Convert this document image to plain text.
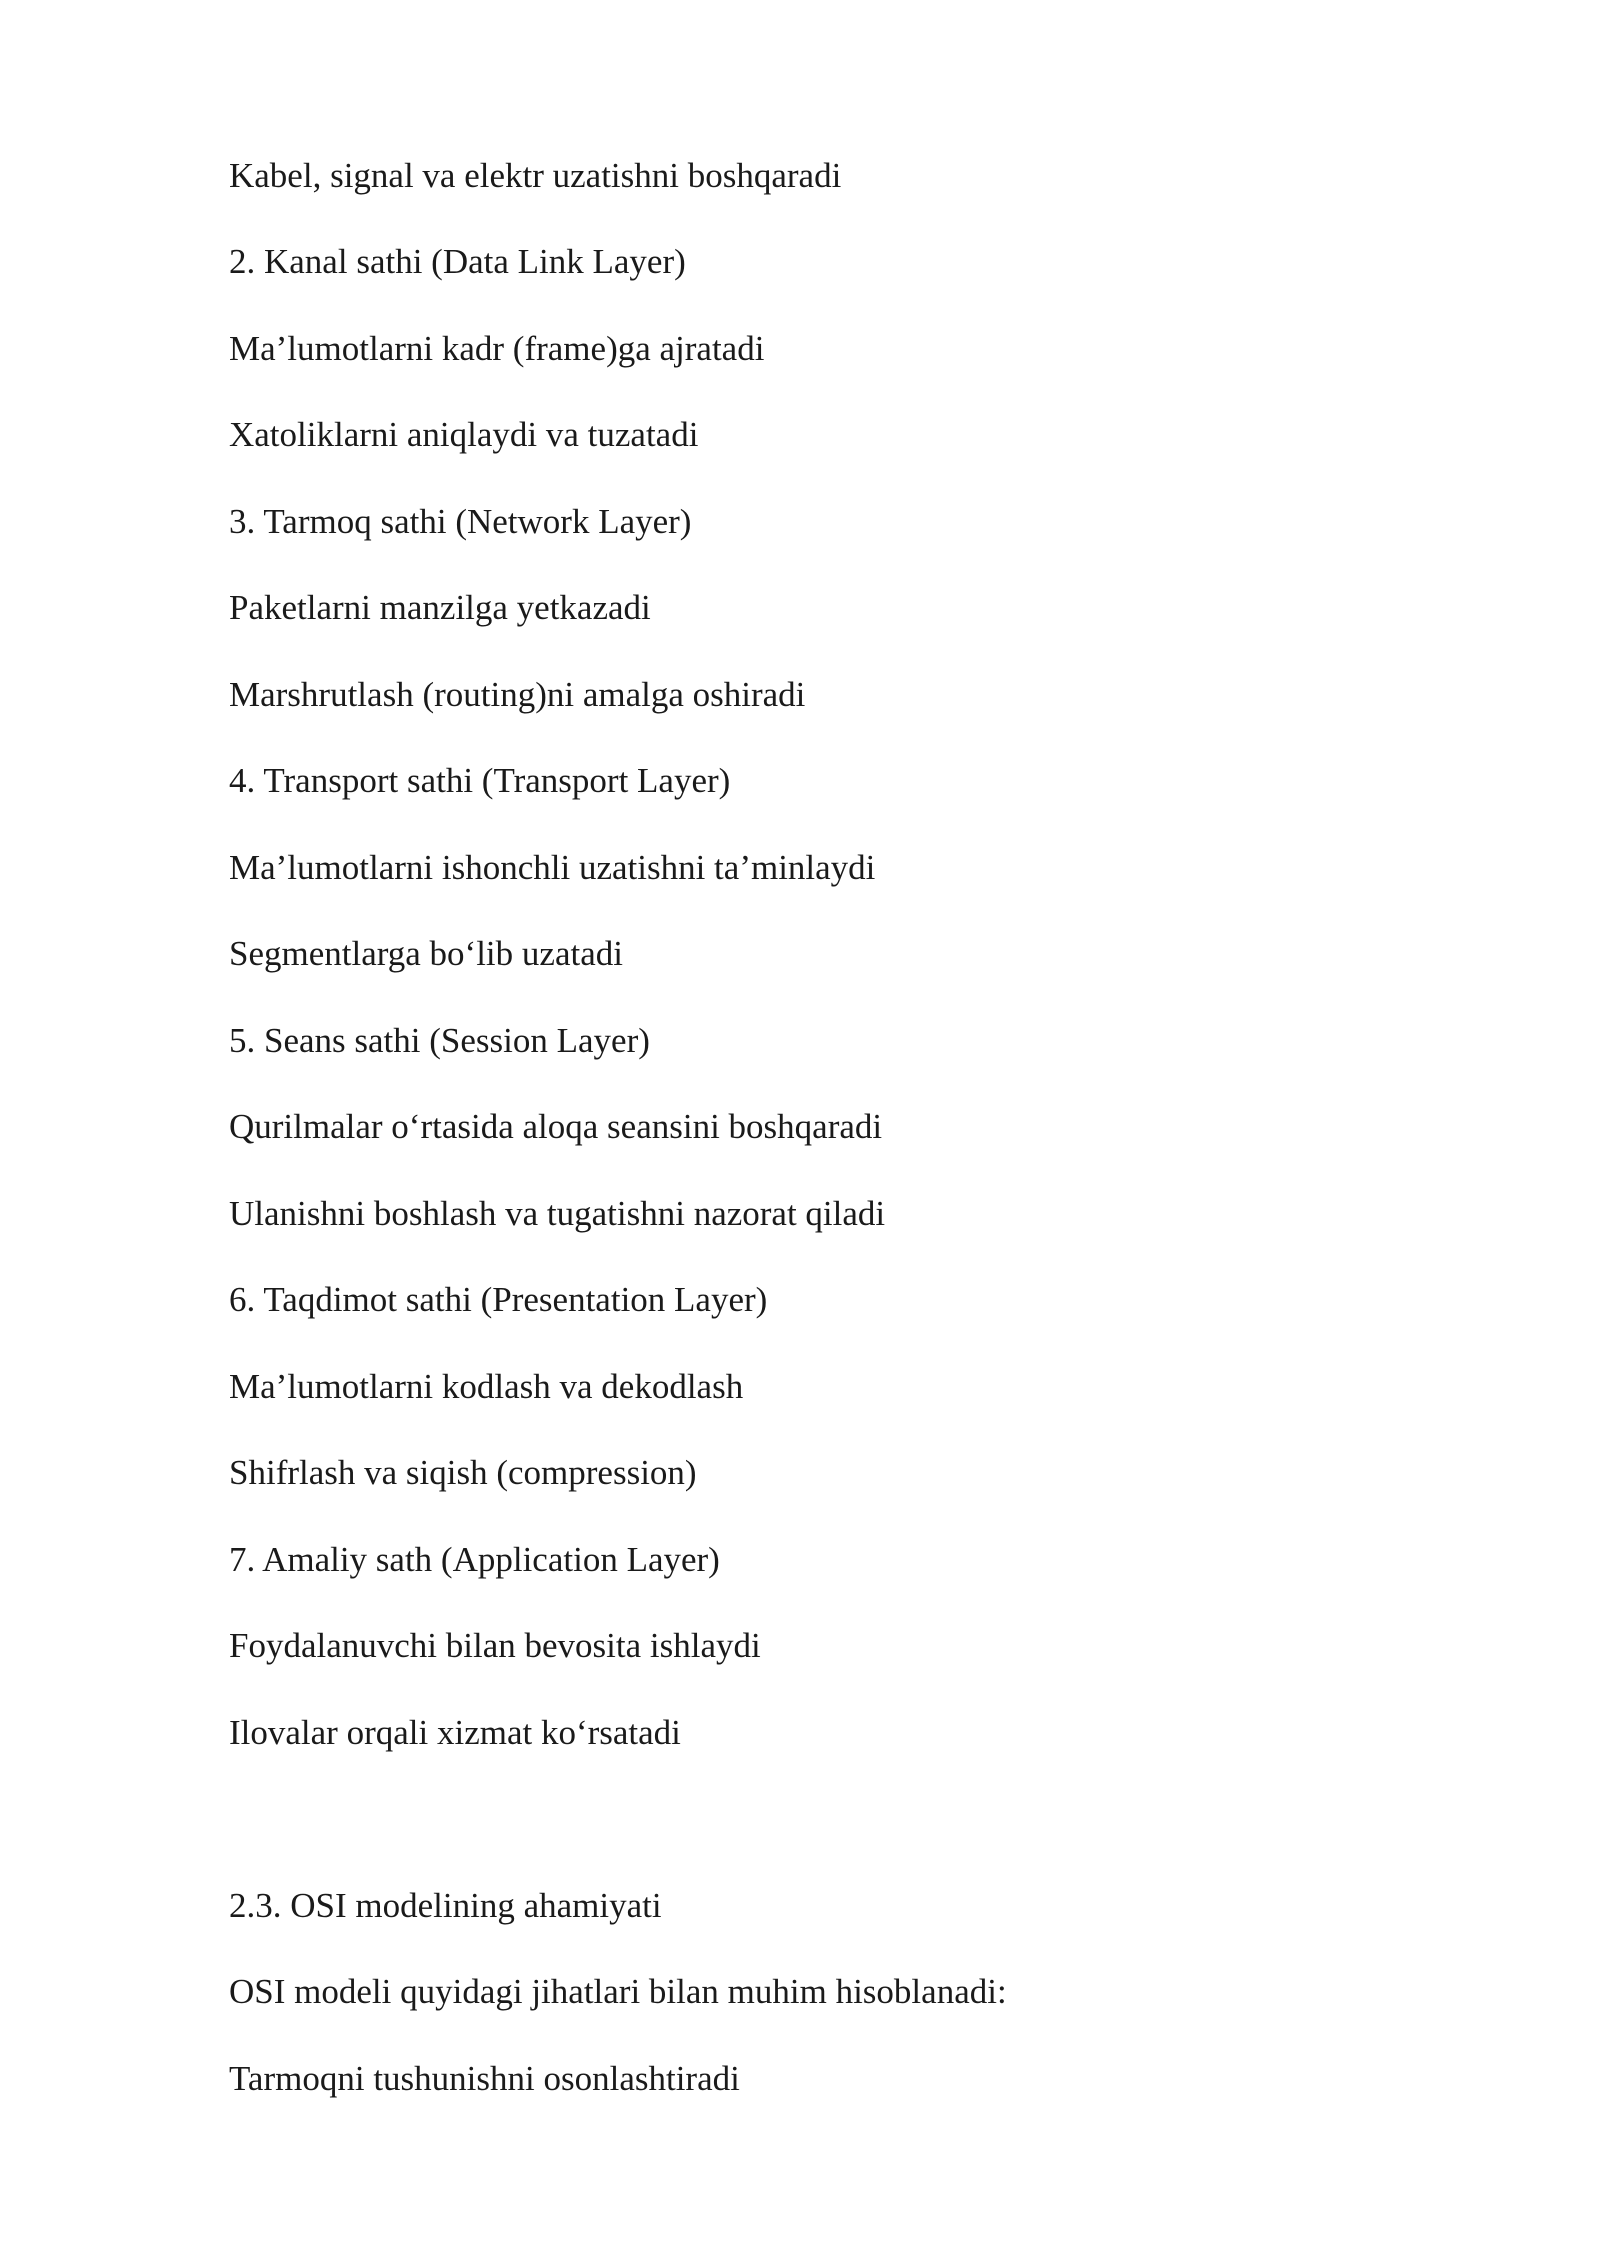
Kabel, signal va elektr uzatishni boshqaradi

2. Kanal sathi (Data Link Layer)

Ma’lumotlarni kadr (frame)ga ajratadi

Xatoliklarni aniqlaydi va tuzatadi

3. Tarmoq sathi (Network Layer)

Paketlarni manzilga yetkazadi

Marshrutlash (routing)ni amalga oshiradi

4. Transport sathi (Transport Layer)

Ma’lumotlarni ishonchli uzatishni ta’minlaydi

Segmentlarga bo‘lib uzatadi

5. Seans sathi (Session Layer)

Qurilmalar o‘rtasida aloqa seansini boshqaradi

Ulanishni boshlash va tugatishni nazorat qiladi

6. Taqdimot sathi (Presentation Layer)

Ma’lumotlarni kodlash va dekodlash

Shifrlash va siqish (compression)

7. Amaliy sath (Application Layer)

Foydalanuvchi bilan bevosita ishlaydi

Ilovalar orqali xizmat ko‘rsatadi

2.3. OSI modelining ahamiyati

OSI modeli quyidagi jihatlari bilan muhim hisoblanadi:

Tarmoqni tushunishni osonlashtiradi
